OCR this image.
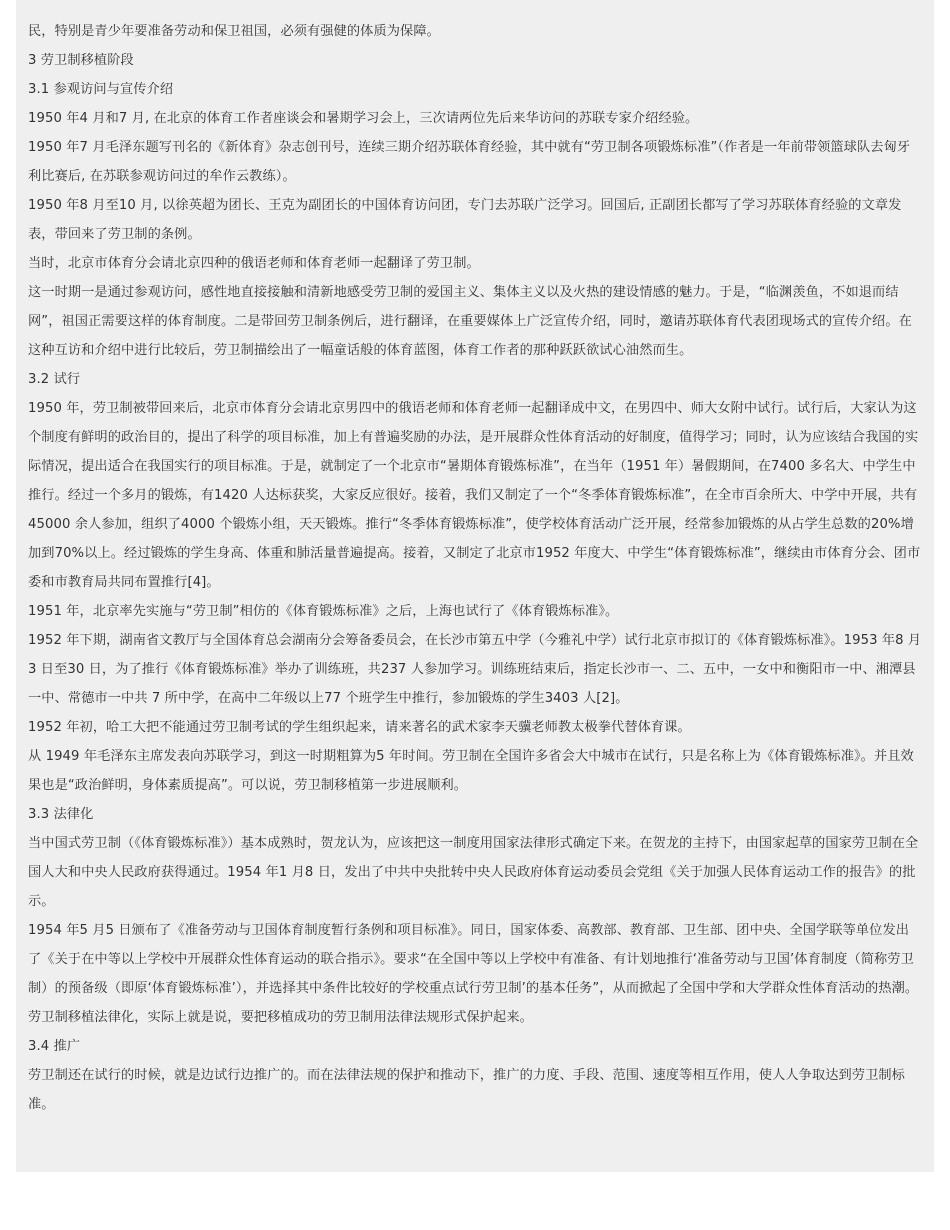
民，特别是青少年要准备劳动和保卫祖国，必须有强健的体质为保障。

3 劳卫制移植阶段

3.1 参观访问与宣传介绍

1950 年4 月和7 月, 在北京的体育工作者座谈会和暑期学习会上，三次请两位先后来华访问的苏联专家介绍经验。

1950 年7 月毛泽东题写刊名的《新体育》杂志创刊号，连续三期介绍苏联体育经验，其中就有“劳卫制各项锻炼标准”（作者是一年前带领篮球队去匈牙利比赛后, 在苏联参观访问过的牟作云教练）。

1950 年8 月至10 月, 以徐英超为团长、王克为副团长的中国体育访问团，专门去苏联广泛学习。回国后, 正副团长都写了学习苏联体育经验的文章发表，带回来了劳卫制的条例。

当时，北京市体育分会请北京四种的俄语老师和体育老师一起翻译了劳卫制。

这一时期一是通过参观访问，感性地直接接触和清新地感受劳卫制的爱国主义、集体主义以及火热的建设情感的魅力。于是，“临渊羡鱼，不如退而结网”，祖国正需要这样的体育制度。二是带回劳卫制条例后，进行翻译，在重要媒体上广泛宣传介绍，同时，邀请苏联体育代表团现场式的宣传介绍。在这种互访和介绍中进行比较后，劳卫制描绘出了一幅童话般的体育蓝图，体育工作者的那种跃跃欲试心油然而生。

3.2 试行

1950 年，劳卫制被带回来后，北京市体育分会请北京男四中的俄语老师和体育老师一起翻译成中文，在男四中、师大女附中试行。试行后，大家认为这个制度有鲜明的政治目的，提出了科学的项目标准，加上有普遍奖励的办法，是开展群众性体育活动的好制度，值得学习；同时，认为应该结合我国的实际情况，提出适合在我国实行的项目标准。于是，就制定了一个北京市“暑期体育锻炼标准”，在当年（1951 年）暑假期间，在7400 多名大、中学生中推行。经过一个多月的锻炼，有1420 人达标获奖，大家反应很好。接着，我们又制定了一个“冬季体育锻炼标准”，在全市百余所大、中学中开展，共有45000 余人参加，组织了4000 个锻炼小组，天天锻炼。推行“冬季体育锻炼标准”，使学校体育活动广泛开展，经常参加锻炼的从占学生总数的20%增加到70%以上。经过锻炼的学生身高、体重和肺活量普遍提高。接着，又制定了北京市1952 年度大、中学生“体育锻炼标准”，继续由市体育分会、团市委和市教育局共同布置推行[4]。

1951 年，北京率先实施与“劳卫制”相仿的《体育锻炼标准》之后，上海也试行了《体育锻炼标准》。

1952 年下期，湖南省文教厅与全国体育总会湖南分会筹备委员会，在长沙市第五中学（今雅礼中学）试行北京市拟订的《体育锻炼标准》。1953 年8 月3 日至30 日，为了推行《体育锻炼标准》举办了训练班，共237 人参加学习。训练班结束后，指定长沙市一、二、五中，一女中和衡阳市一中、湘潭县一中、常德市一中共 7 所中学，在高中二年级以上77 个班学生中推行，参加锻炼的学生3403 人[2]。

1952 年初，哈工大把不能通过劳卫制考试的学生组织起来，请来著名的武术家李天骥老师教太极拳代替体育课。

从 1949 年毛泽东主席发表向苏联学习，到这一时期粗算为5 年时间。劳卫制在全国许多省会大中城市在试行，只是名称上为《体育锻炼标准》。并且效果也是“政治鲜明，身体素质提高”。可以说，劳卫制移植第一步进展顺利。

3.3 法律化

当中国式劳卫制（《体育锻炼标准》）基本成熟时，贺龙认为，应该把这一制度用国家法律形式确定下来。在贺龙的主持下，由国家起草的国家劳卫制在全国人大和中央人民政府获得通过。1954 年1 月8 日，发出了中共中央批转中央人民政府体育运动委员会党组《关于加强人民体育运动工作的报告》的批示。

1954 年5 月5 日颁布了《准备劳动与卫国体育制度暂行条例和项目标准》。同日，国家体委、高教部、教育部、卫生部、团中央、全国学联等单位发出了《关于在中等以上学校中开展群众性体育运动的联合指示》。要求“在全国中等以上学校中有准备、有计划地推行‘准备劳动与卫国’体育制度（简称劳卫制）的预备级（即原‘体育锻炼标准’），并选择其中条件比较好的学校重点试行劳卫制’的基本任务”，从而掀起了全国中学和大学群众性体育活动的热潮。

劳卫制移植法律化，实际上就是说，要把移植成功的劳卫制用法律法规形式保护起来。

3.4 推广

劳卫制还在试行的时候，就是边试行边推广的。而在法律法规的保护和推动下，推广的力度、手段、范围、速度等相互作用，使人人争取达到劳卫制标准。
